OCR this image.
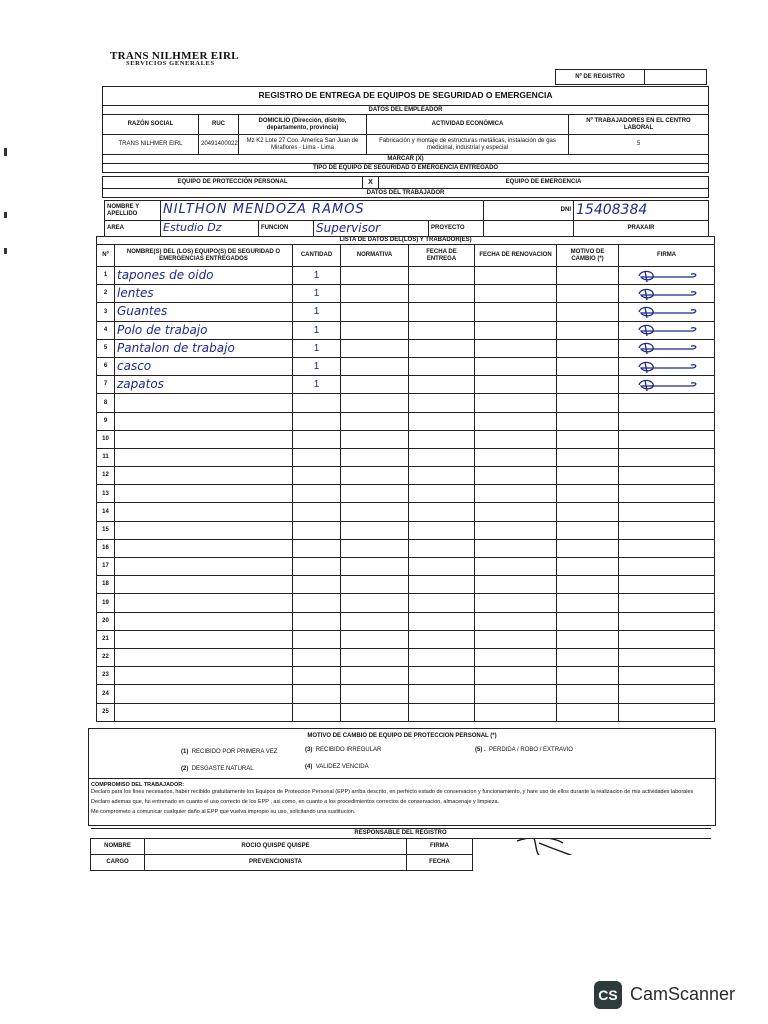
TRANS NILHMER EIRL
SERVICIOS GENERALES
Nº DE REGISTRO
REGISTRO DE ENTREGA DE EQUIPOS DE SEGURIDAD O EMERGENCIA				
DATOS DEL EMPLEADOR				
RAZÓN SOCIAL	RUC	DOMICILIO (Dirección, distrito, departamento, provincia)	ACTIVIDAD ECONÓMICA	Nº TRABAJADORES EN EL CENTRO LABORAL
TRANS NILHMER EIRL	20491400022	Mz K2 Lote 27 Coo. America San Juan de Miraflores - Lima - Lima	Fabricación y montaje de estructuras metálicas, instalación de gas medicinal, industrial y especial	5
MARCAR (X)				
TIPO DE EQUIPO DE SEGURIDAD O EMERGENCIA ENTREGADO				
EQUIPO DE PROTECCIÓN PERSONAL	X	EQUIPO DE EMERGENCIA
DATOS DEL TRABAJADOR
NOMBRE Y APELLIDO	NILTHON MENDOZA RAMOS				DNI	15408384
AREA	Estudio Dz	FUNCION	Supervisor	PROYECTO		PRAXAIR
LISTA DE DATOS DEL(LOS) Y TRABADOR(ES)							
Nº	NOMBRE(S) DEL (LOS) EQUIPO(S) DE SEGURIDAD O EMERGENCIAS ENTREGADOS	CANTIDAD	NORMATIVA	FECHA DE ENTREGA	FECHA DE RENOVACION	MOTIVO DE CAMBIO (*)	FIRMA
1	tapones de oido	1					

2	lentes	1					

3	Guantes	1					

4	Polo de trabajo	1					

5	Pantalon de trabajo	1					

6	casco	1					

7	zapatos	1					

8							
9							
10							
11							
12							
13							
14							
15							
16							
17							
18							
19							
20							
21							
22							
23							
24							
25							
MOTIVO DE CAMBIO DE EQUIPO DE PROTECCION PERSONAL (*)
(1) RECIBIDO POR PRIMERA VEZ
(2) DESGASTE NATURAL
(3) RECIBIDO IRREGULAR
(4) VALIDEZ VENCIDA
(5) . PERDIDA / ROBO / EXTRAVIO
COMPROMISO DEL TRABAJADOR:
Declaro para los fines necesarios, haber recibido gratuitamente los Equipos de Proteccion Personal (EPP) arriba descrito, en perfecto estado de conservacion y funcionamiento, y hare uso de ellos durante la realizacion de mis actividades laborales
Declaro ademas que, fui entrenado en cuanto el uso correcto de los EPP , asi como, en cuanto a los procedimientos correctos de conservacion, almacenaje y limpieza.
Me comprometo a comunicar cualquier daño al EPP que vuelva impropio su uso, solicitando una sustitucion.
RESPONSABLE DEL REGISTRO			
NOMBRE	ROCIO QUISPE QUISPE	FIRMA	

CARGO	PREVENCIONISTA	FECHA	
CS CamScanner
